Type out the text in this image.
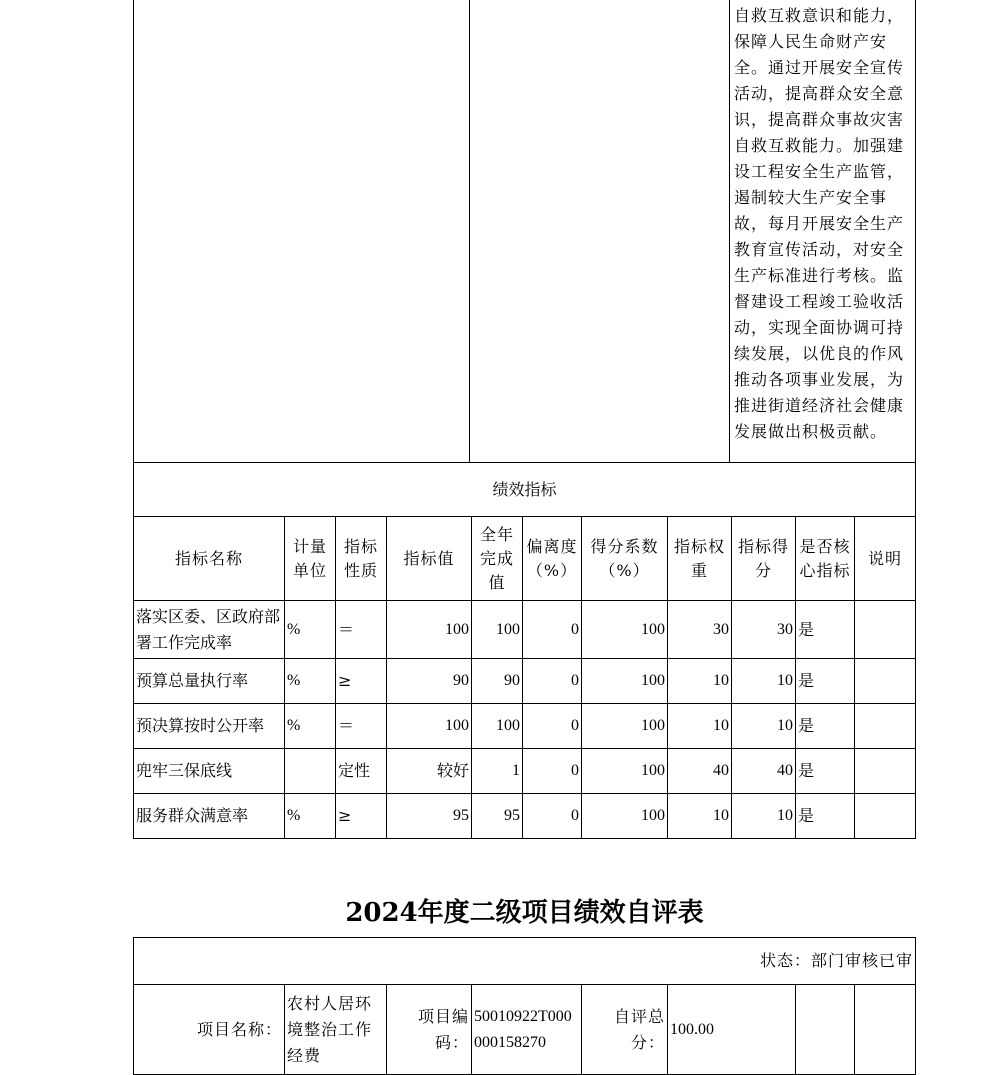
		自救互救意识和能力，保障人民生命财产安全。通过开展安全宣传活动，提高群众安全意识，提高群众事故灾害自救互救能力。加强建设工程安全生产监管，遏制较大生产安全事故，每月开展安全生产教育宣传活动，对安全生产标准进行考核。监督建设工程竣工验收活动，实现全面协调可持续发展，以优良的作风推动各项事业发展，为推进街道经济社会健康发展做出积极贡献。
绩效指标
指标名称	计量单位	指标性质	指标值	全年完成值	偏离度（%）	得分系数（%）	指标权重	指标得分	是否核心指标	说明
落实区委、区政府部署工作完成率	%	＝	100	100	0	100	30	30	是	
预算总量执行率	%	≥	90	90	0	100	10	10	是	
预决算按时公开率	%	＝	100	100	0	100	10	10	是	
兜牢三保底线		定性	较好	1	0	100	40	40	是	
服务群众满意率	%	≥	95	95	0	100	10	10	是	
2024年度二级项目绩效自评表
状态：部门审核已审
项目名称：	农村人居环境整治工作经费	项目编码：	50010922T000000158270	自评总分：	100.00		
